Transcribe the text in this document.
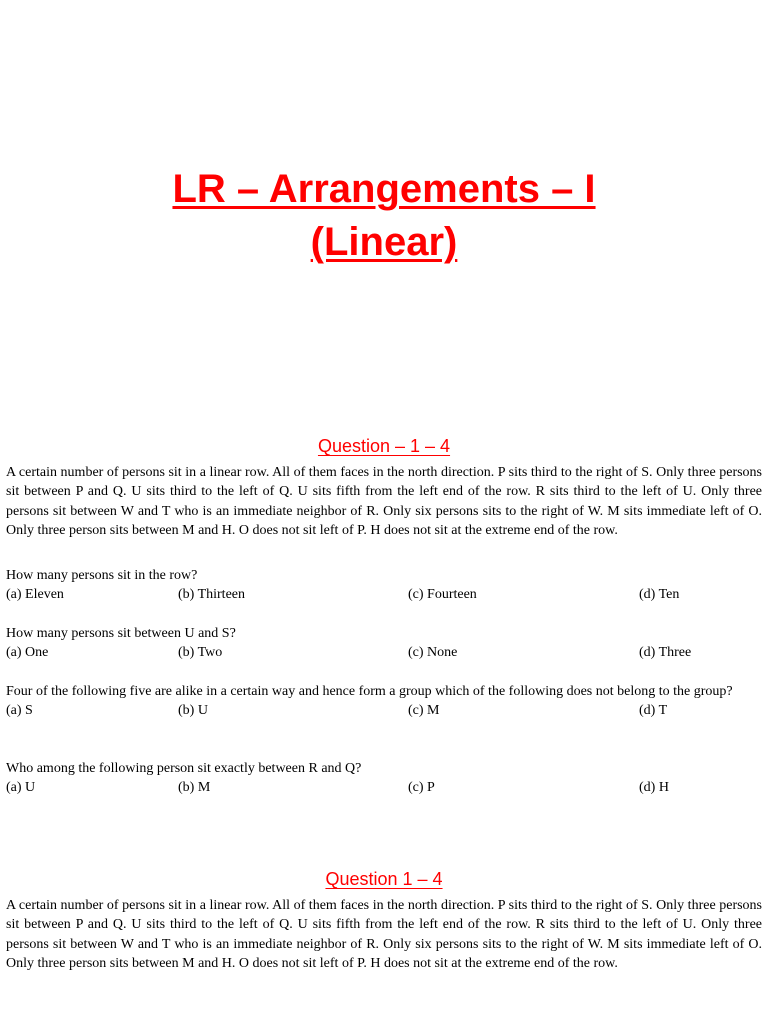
LR – Arrangements – I
(Linear)
Question – 1 – 4
A certain number of persons sit in a linear row. All of them faces in the north direction. P sits third to the right of S. Only three persons sit between P and Q. U sits third to the left of Q. U sits fifth from the left end of the row. R sits third to the left of U. Only three persons sit between W and T who is an immediate neighbor of R. Only six persons sits to the right of W. M sits immediate left of O. Only three person sits between M and H. O does not sit left of P. H does not sit at the extreme end of the row.
How many persons sit in the row?
(a) Eleven	(b) Thirteen	(c) Fourteen	(d) Ten
How many persons sit between U and S?
(a) One	(b) Two	(c) None	(d) Three
Four of the following five are alike in a certain way and hence form a group which of the following does not belong to the group?
(a) S	(b) U	(c) M	(d) T
Who among the following person sit exactly between R and Q?
(a) U	(b) M	(c) P	(d) H
Question 1 – 4
A certain number of persons sit in a linear row. All of them faces in the north direction. P sits third to the right of S. Only three persons sit between P and Q. U sits third to the left of Q. U sits fifth from the left end of the row. R sits third to the left of U. Only three persons sit between W and T who is an immediate neighbor of R. Only six persons sits to the right of W. M sits immediate left of O. Only three person sits between M and H. O does not sit left of P. H does not sit at the extreme end of the row.
